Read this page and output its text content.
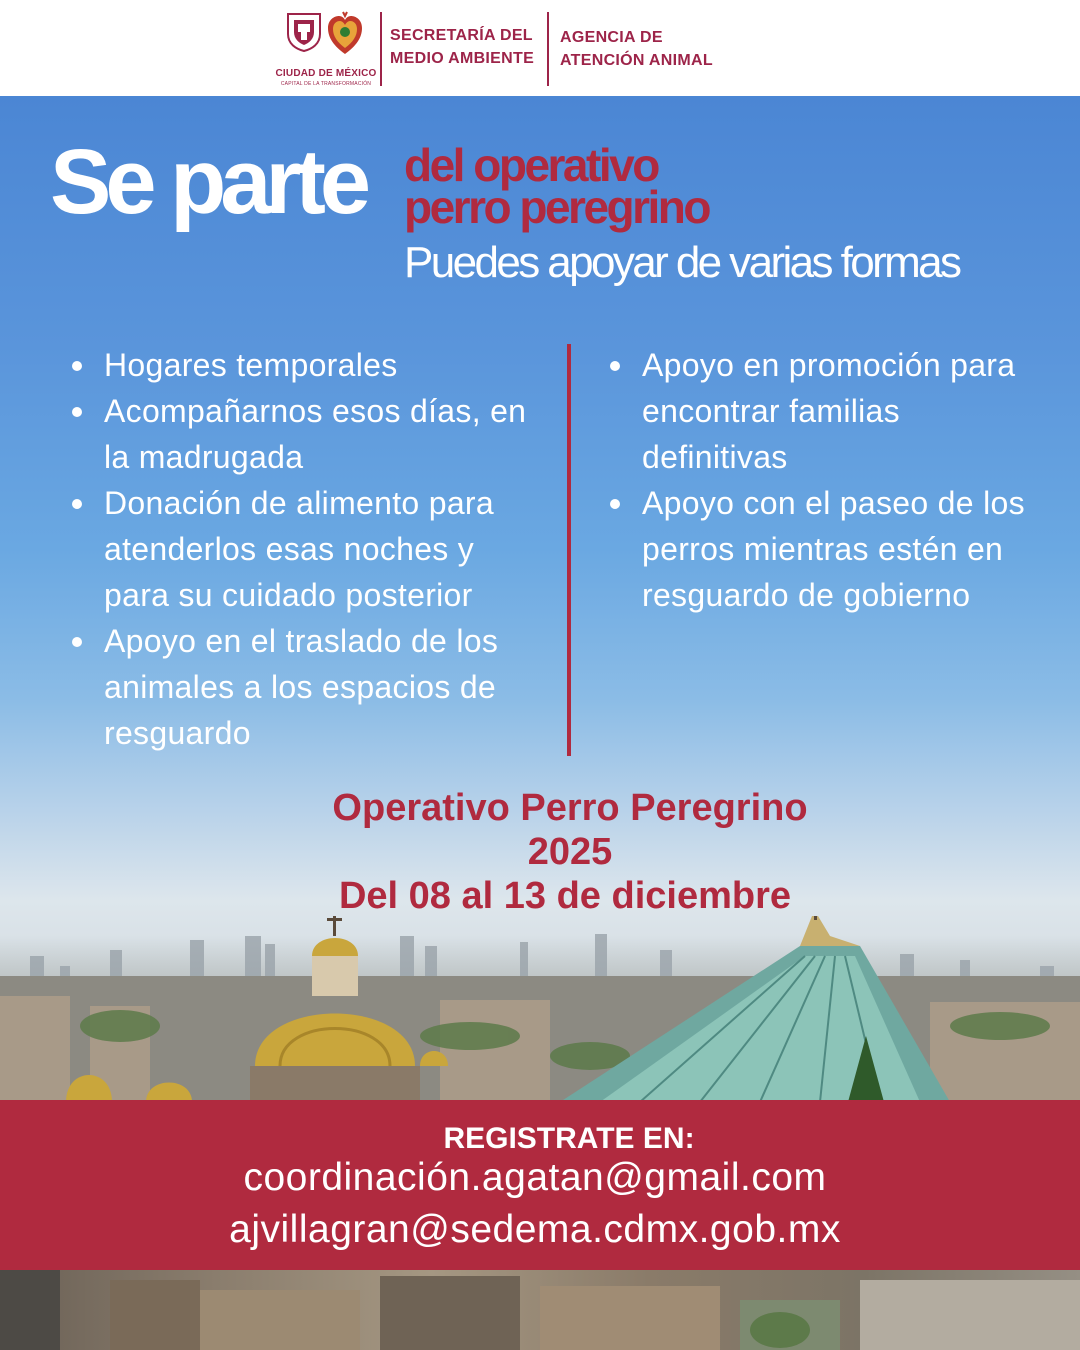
CIUDAD DE MÉXICO
CAPITAL DE LA TRANSFORMACIÓN
SECRETARÍA DEL
MEDIO AMBIENTE
AGENCIA DE
ATENCIÓN ANIMAL
Se parte del operativo
perro peregrino
Puedes apoyar de varias formas
Hogares temporales
Acompañarnos esos días, en la madrugada
Donación de alimento para atenderlos esas noches y para su cuidado posterior
Apoyo en el traslado de los animales a los espacios de resguardo
Apoyo en promoción para encontrar familias definitivas
Apoyo con el paseo de los perros mientras estén en resguardo de gobierno
Operativo Perro Peregrino
2025
Del 08 al 13 de diciembre
REGISTRATE EN:
coordinación.agatan@gmail.com
ajvillagran@sedema.cdmx.gob.mx
